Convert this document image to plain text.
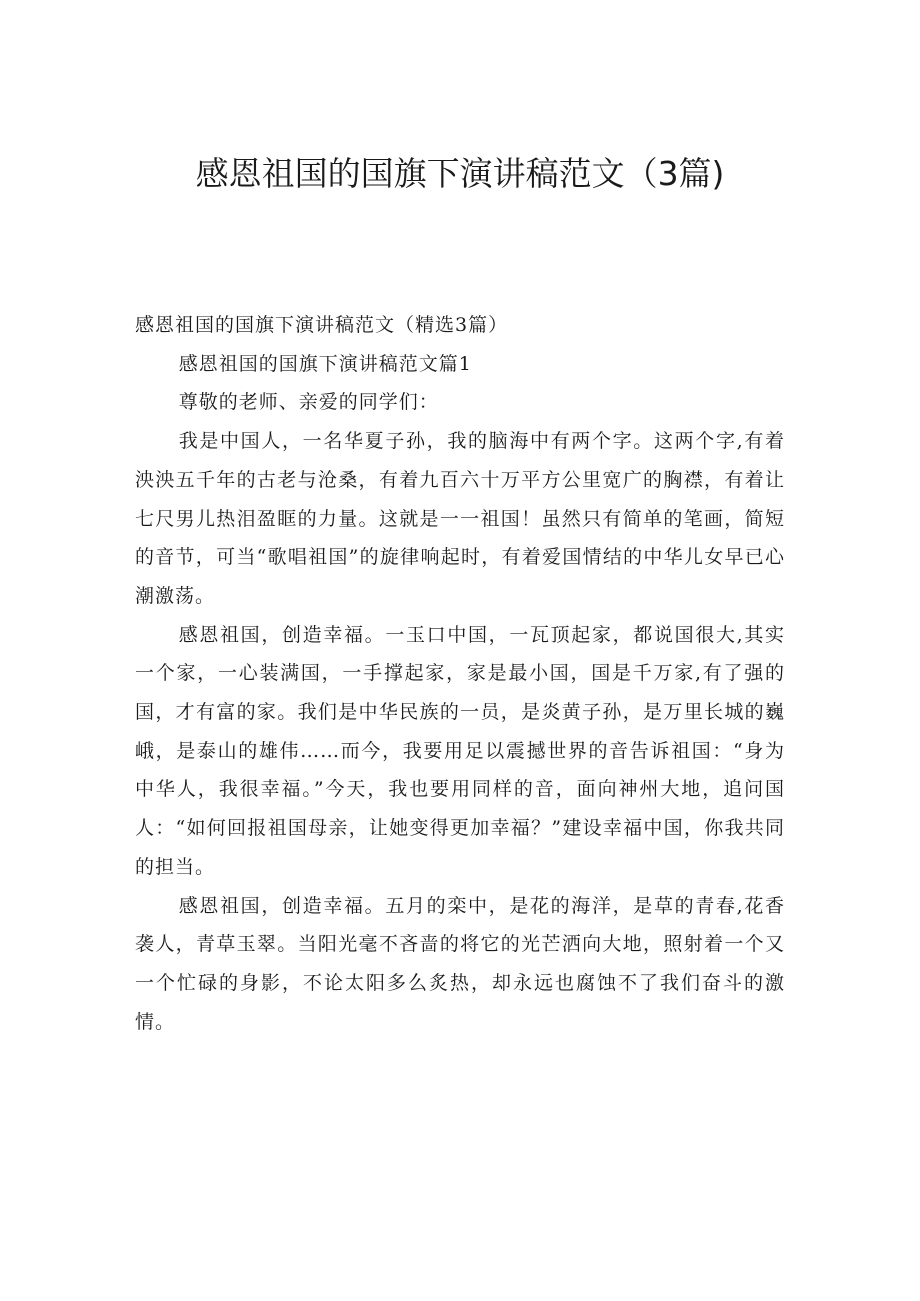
感恩祖国的国旗下演讲稿范文（3篇)

感恩祖国的国旗下演讲稿范文（精选3篇）

感恩祖国的国旗下演讲稿范文篇1

尊敬的老师、亲爱的同学们：

我是中国人，一名华夏子孙，我的脑海中有两个字。这两个字,有着泱泱五千年的古老与沧桑，有着九百六十万平方公里宽广的胸襟，有着让七尺男儿热泪盈眶的力量。这就是一一祖国！虽然只有简单的笔画，简短的音节，可当“歌唱祖国”的旋律响起时，有着爱国情结的中华儿女早已心潮激荡。

感恩祖国，创造幸福。一玉口中国，一瓦顶起家，都说国很大,其实一个家，一心装满国，一手撑起家，家是最小国，国是千万家,有了强的国，才有富的家。我们是中华民族的一员，是炎黄子孙，是万里长城的巍峨，是泰山的雄伟……而今，我要用足以震撼世界的音告诉祖国：“身为中华人，我很幸福。”今天，我也要用同样的音，面向神州大地，追问国人：“如何回报祖国母亲，让她变得更加幸福？”建设幸福中国，你我共同的担当。

感恩祖国，创造幸福。五月的栾中，是花的海洋，是草的青春,花香袭人，青草玉翠。当阳光毫不吝啬的将它的光芒洒向大地，照射着一个又一个忙碌的身影，不论太阳多么炙热，却永远也腐蚀不了我们奋斗的激情。
